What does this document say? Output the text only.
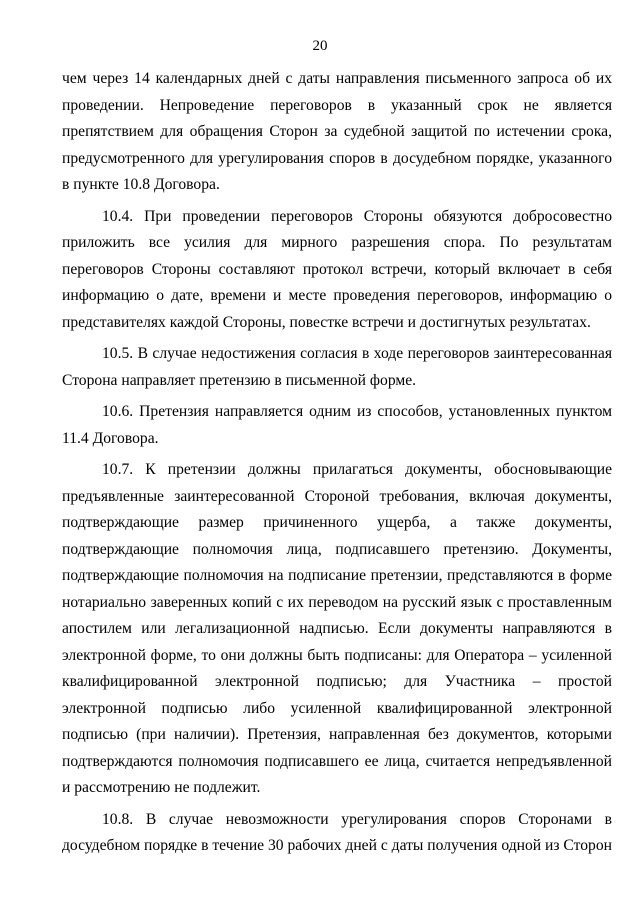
20

чем через 14 календарных дней с даты направления письменного запроса об их проведении. Непроведение переговоров в указанный срок не является препятствием для обращения Сторон за судебной защитой по истечении срока, предусмотренного для урегулирования споров в досудебном порядке, указанного в пункте 10.8 Договора.

10.4. При проведении переговоров Стороны обязуются добросовестно приложить все усилия для мирного разрешения спора. По результатам переговоров Стороны составляют протокол встречи, который включает в себя информацию о дате, времени и месте проведения переговоров, информацию о представителях каждой Стороны, повестке встречи и достигнутых результатах.

10.5. В случае недостижения согласия в ходе переговоров заинтересованная Сторона направляет претензию в письменной форме.

10.6. Претензия направляется одним из способов, установленных пунктом 11.4 Договора.

10.7. К претензии должны прилагаться документы, обосновывающие предъявленные заинтересованной Стороной требования, включая документы, подтверждающие размер причиненного ущерба, а также документы, подтверждающие полномочия лица, подписавшего претензию. Документы, подтверждающие полномочия на подписание претензии, представляются в форме нотариально заверенных копий с их переводом на русский язык с проставленным апостилем или легализационной надписью. Если документы направляются в электронной форме, то они должны быть подписаны: для Оператора – усиленной квалифицированной электронной подписью; для Участника – простой электронной подписью либо усиленной квалифицированной электронной подписью (при наличии). Претензия, направленная без документов, которыми подтверждаются полномочия подписавшего ее лица, считается непредъявленной и рассмотрению не подлежит.

10.8. В случае невозможности урегулирования споров Сторонами в досудебном порядке в течение 30 рабочих дней с даты получения одной из Сторон
